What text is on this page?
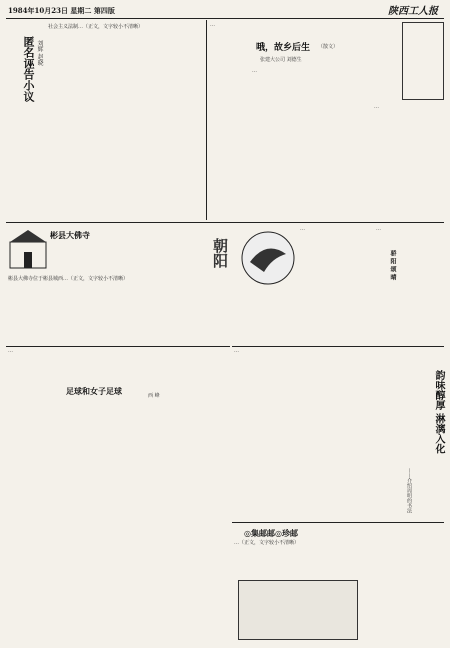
1984年10月23日 星期二 第四版	陕西工人报
匿名诬告小议 刘辉 赵晓
社会主义法制…（正文，文字较小不清晰）	…
哦，故乡后生 （散文）
张建大公司 刘德生
…
…
彬县大佛寺
彬县大佛寺位于彬县城西…（正文，文字较小不清晰）
朝阳
…
骄 阳 颂 晴
…
足球和女子足球	西 峰
…
韵味醇厚 淋漓入化
——介绍周明的书法
…
◎集邮邮◎珍邮
…（正文，文字较小不清晰）
